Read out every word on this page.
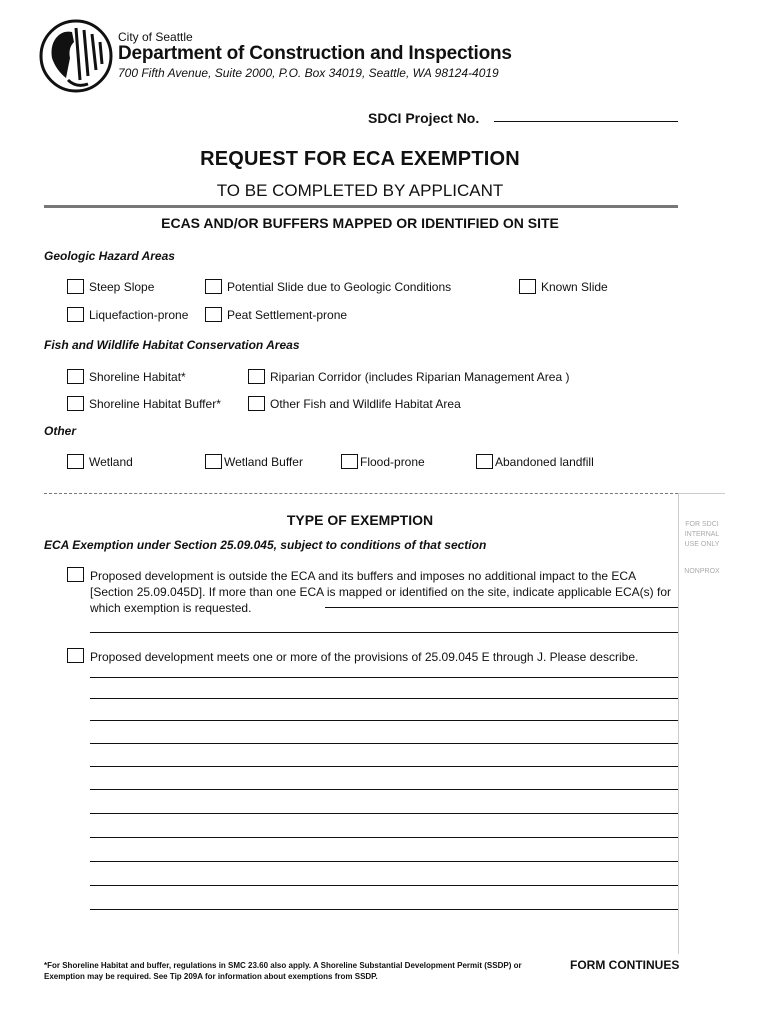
City of Seattle
Department of Construction and Inspections
700 Fifth Avenue, Suite 2000, P.O. Box 34019, Seattle, WA 98124-4019
SDCI Project No.
REQUEST FOR ECA EXEMPTION
TO BE COMPLETED BY APPLICANT
ECAS AND/OR BUFFERS MAPPED OR IDENTIFIED ON SITE
Geologic Hazard Areas
Steep Slope	Potential Slide due to Geologic Conditions	Known Slide
Liquefaction-prone	Peat Settlement-prone
Fish and Wildlife Habitat Conservation Areas
Shoreline Habitat*	Riparian Corridor (includes Riparian Management Area )
Shoreline Habitat Buffer*	Other Fish and Wildlife Habitat Area
Other
Wetland	Wetland Buffer	Flood-prone	Abandoned landfill
FOR SDCI INTERNAL USE ONLY
NONPROX
TYPE OF EXEMPTION
ECA Exemption under Section 25.09.045, subject to conditions of that section
Proposed development is outside the ECA and its buffers and imposes no additional impact to the ECA [Section 25.09.045D]. If more than one ECA is mapped or identified on the site, indicate applicable ECA(s) for which exemption is requested.
Proposed development meets one or more of the provisions of 25.09.045 E through J. Please describe.
*For Shoreline Habitat and buffer, regulations in SMC 23.60 also apply. A Shoreline Substantial Development Permit (SSDP) or Exemption may be required. See Tip 209A for information about exemptions from SSDP.
FORM CONTINUES
